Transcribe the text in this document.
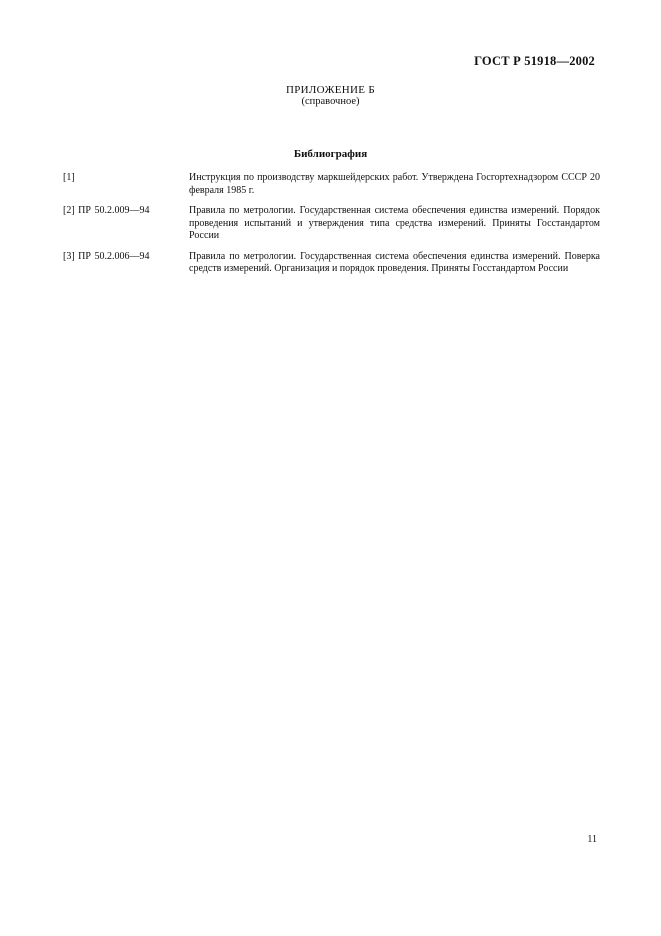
ГОСТ Р 51918—2002
ПРИЛОЖЕНИЕ Б
(справочное)
Библиография
[1]	Инструкция по производству маркшейдерских работ. Утверждена Госгортехнадзором СССР 20 февраля 1985 г.
[2] ПР 50.2.009—94	Правила по метрологии. Государственная система обеспечения единства измерений. Порядок проведения испытаний и утверждения типа средства измерений. Приняты Госстандартом России
[3] ПР 50.2.006—94	Правила по метрологии. Государственная система обеспечения единства измерений. Поверка средств измерений. Организация и порядок проведения. Приняты Госстандартом России
11
